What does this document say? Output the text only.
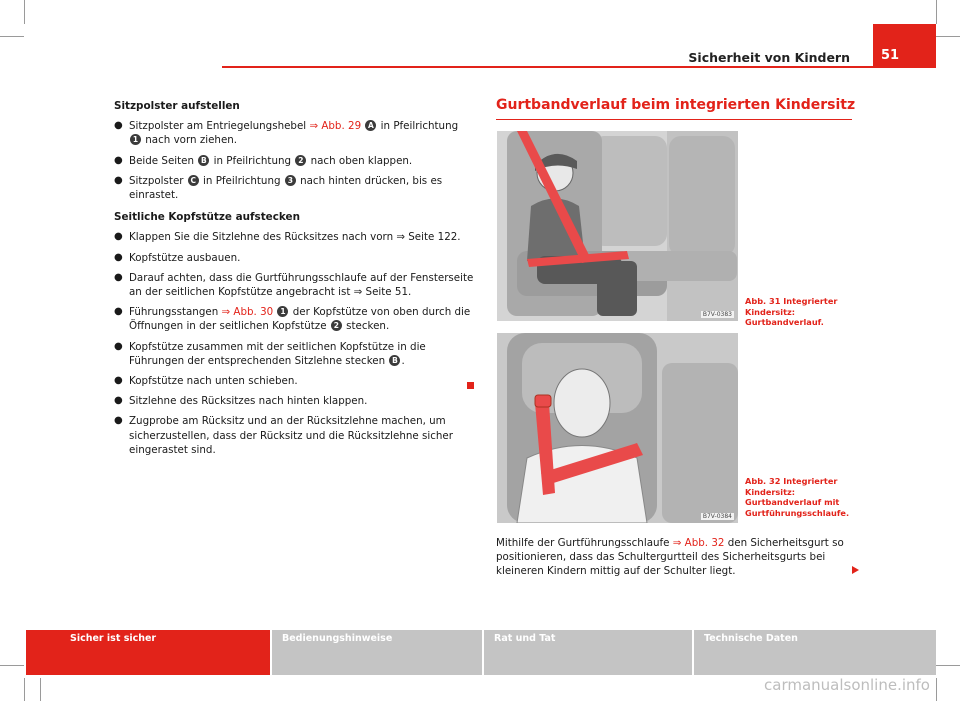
Sicherheit von Kindern 51
Sitzpolster aufstellen
● Sitzpolster am Entriegelungshebel ⇒ Abb. 29 A in Pfeilrichtung 1 nach vorn ziehen.
● Beide Seiten B in Pfeilrichtung 2 nach oben klappen.
● Sitzpolster C in Pfeilrichtung 3 nach hinten drücken, bis es einrastet.
Seitliche Kopfstütze aufstecken
● Klappen Sie die Sitzlehne des Rücksitzes nach vorn ⇒ Seite 122.
● Kopfstütze ausbauen.
● Darauf achten, dass die Gurtführungsschlaufe auf der Fensterseite an der seitlichen Kopfstütze angebracht ist ⇒ Seite 51.
● Führungsstangen ⇒ Abb. 30 1 der Kopfstütze von oben durch die Öffnungen in der seitlichen Kopfstütze 2 stecken.
● Kopfstütze zusammen mit der seitlichen Kopfstütze in die Führungen der entsprechenden Sitzlehne stecken B .
● Kopfstütze nach unten schieben.
● Sitzlehne des Rücksitzes nach hinten klappen.
● Zugprobe am Rücksitz und an der Rücksitzlehne machen, um sicherzustellen, dass der Rücksitz und die Rücksitzlehne sicher eingerastet sind.
Gurtbandverlauf beim integrierten Kindersitz
B7V-0383
Abb. 31 Integrierter Kindersitz: Gurtbandverlauf.
B7V-0384
Abb. 32 Integrierter Kindersitz: Gurtbandverlauf mit Gurtführungsschlaufe.
Mithilfe der Gurtführungsschlaufe ⇒ Abb. 32 den Sicherheitsgurt so positionieren, dass das Schultergurtteil des Sicherheitsgurts bei kleineren Kindern mittig auf der Schulter liegt.
Sicher ist sicher	Bedienungshinweise	Rat und Tat	Technische Daten
carmanualsonline.info
